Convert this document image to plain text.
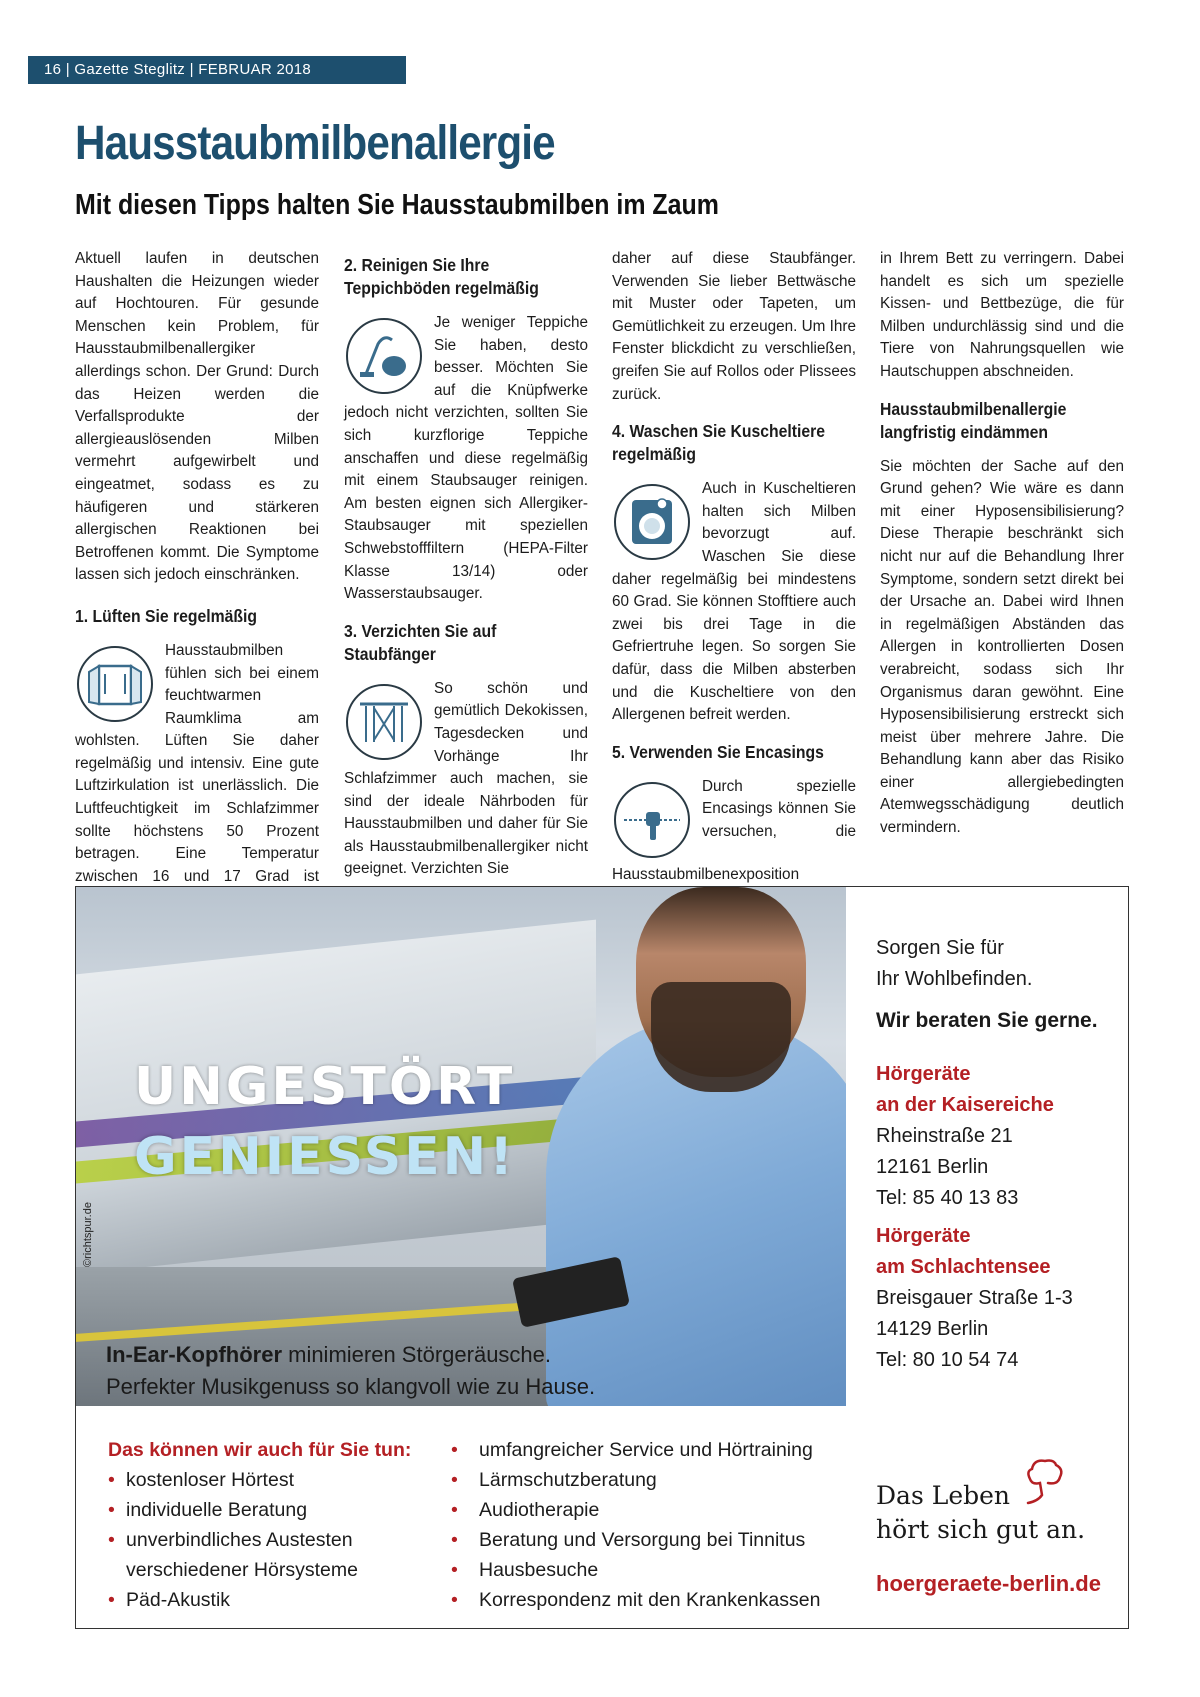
16 | Gazette Steglitz | FEBRUAR 2018
Hausstaubmilbenallergie
Mit diesen Tipps halten Sie Hausstaubmilben im Zaum

Aktuell laufen in deutschen Haushalten die Heizungen wieder auf Hochtouren. Für gesunde Menschen kein Problem, für Hausstaubmilbenallergiker allerdings schon. Der Grund: Durch das Heizen werden die Verfallsprodukte der allergieauslösenden Milben vermehrt aufgewirbelt und eingeatmet, sodass es zu häufigeren und stärkeren allergischen Reaktionen bei Betroffenen kommt. Die Symptome lassen sich jedoch einschränken.

1. Lüften Sie regelmäßig

Hausstaubmilben fühlen sich bei einem feuchtwarmen Raumklima am wohlsten. Lüften Sie daher regelmäßig und intensiv. Eine gute Luftzirkulation ist unerlässlich. Die Luftfeuchtigkeit im Schlafzimmer sollte höchstens 50 Prozent betragen. Eine Temperatur zwischen 16 und 17 Grad ist

2. Reinigen Sie Ihre Teppichböden regelmäßig

Je weniger Teppiche Sie haben, desto besser. Möchten Sie auf die Knüpfwerke jedoch nicht verzichten, sollten Sie sich kurzflorige Teppiche anschaffen und diese regelmäßig mit einem Staubsauger reinigen. Am besten eignen sich Allergiker-Staubsauger mit speziellen Schwebstofffiltern (HEPA-Filter Klasse 13/14) oder Wasserstaubsauger.

3. Verzichten Sie auf Staubfänger

So schön und gemütlich Dekokissen, Tagesdecken und Vorhänge Ihr Schlafzimmer auch machen, sie sind der ideale Nährboden für Hausstaubmilben und daher für Sie als Hausstaubmilbenallergiker nicht geeignet. Verzichten Sie

daher auf diese Staubfänger. Verwenden Sie lieber Bettwäsche mit Muster oder Tapeten, um Gemütlichkeit zu erzeugen. Um Ihre Fenster blickdicht zu verschließen, greifen Sie auf Rollos oder Plissees zurück.

4. Waschen Sie Kuscheltiere regelmäßig

Auch in Kuscheltieren halten sich Milben bevorzugt auf. Waschen Sie diese daher regelmäßig bei mindestens 60 Grad. Sie können Stofftiere auch zwei bis drei Tage in die Gefriertruhe legen. So sorgen Sie dafür, dass die Milben absterben und die Kuscheltiere von den Allergenen befreit werden.

5. Verwenden Sie Encasings

Durch spezielle Encasings können Sie versuchen, die Hausstaubmilbenexposition

in Ihrem Bett zu verringern. Dabei handelt es sich um spezielle Kissen- und Bettbezüge, die für Milben undurchlässig sind und die Tiere von Nahrungsquellen wie Hautschuppen abschneiden.

Hausstaubmilbenallergie langfristig eindämmen

Sie möchten der Sache auf den Grund gehen? Wie wäre es dann mit einer Hyposensibilisierung? Diese Therapie beschränkt sich nicht nur auf die Behandlung Ihrer Symptome, sondern setzt direkt bei der Ursache an. Dabei wird Ihnen in regelmäßigen Abständen das Allergen in kontrollierten Dosen verabreicht, sodass sich Ihr Organismus daran gewöhnt. Eine Hyposensibilisierung erstreckt sich meist über mehrere Jahre. Die Behandlung kann aber das Risiko einer allergiebedingten Atemwegsschädigung deutlich vermindern.

UNGESTÖRT
GENIESSEN!
©richtspur.de
In-Ear-Kopfhörer minimieren Störgeräusche.
Perfekter Musikgenuss so klangvoll wie zu Hause.
Sorgen Sie für
Ihr Wohlbefinden.
Wir beraten Sie gerne.
Hörgeräte
an der Kaisereiche
Rheinstraße 21
12161 Berlin
Tel: 85 40 13 83
Hörgeräte
am Schlachtensee
Breisgauer Straße 1-3
14129 Berlin
Tel: 80 10 54 74
Das können wir auch für Sie tun:
• kostenloser Hörtest
• individuelle Beratung
• unverbindliches Austesten
verschiedener Hörsysteme
• Päd-Akustik
• umfangreicher Service und Hörtraining
• Lärmschutzberatung
• Audiotherapie
• Beratung und Versorgung bei Tinnitus
• Hausbesuche
• Korrespondenz mit den Krankenkassen
Das Leben
hört sich gut an.
hoergeraete-berlin.de
